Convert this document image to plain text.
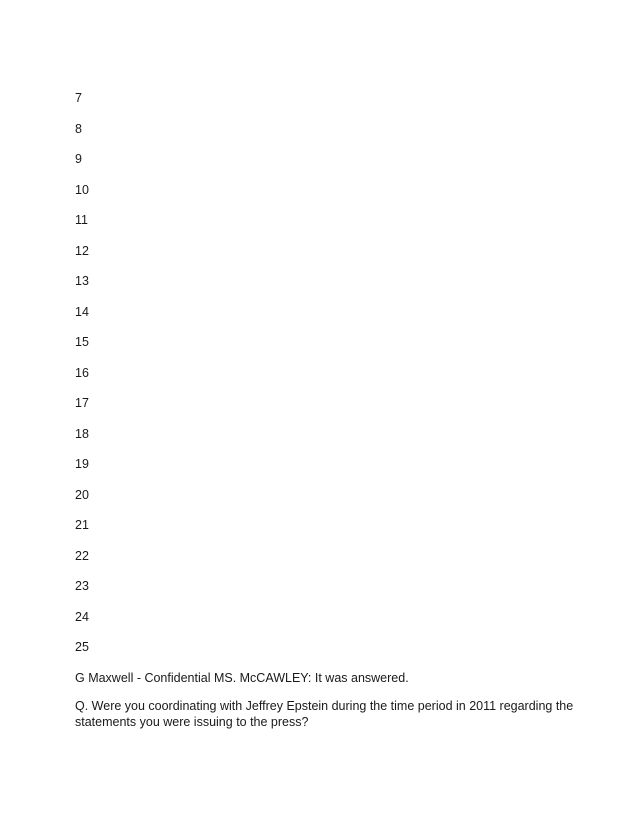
7
8
9
10
11
12
13
14
15
16
17
18
19
20
21
22
23
24
25

G Maxwell - Confidential MS. McCAWLEY: It was answered.

Q. Were you coordinating with Jeffrey Epstein during the time period in 2011 regarding the statements you were issuing to the press?
